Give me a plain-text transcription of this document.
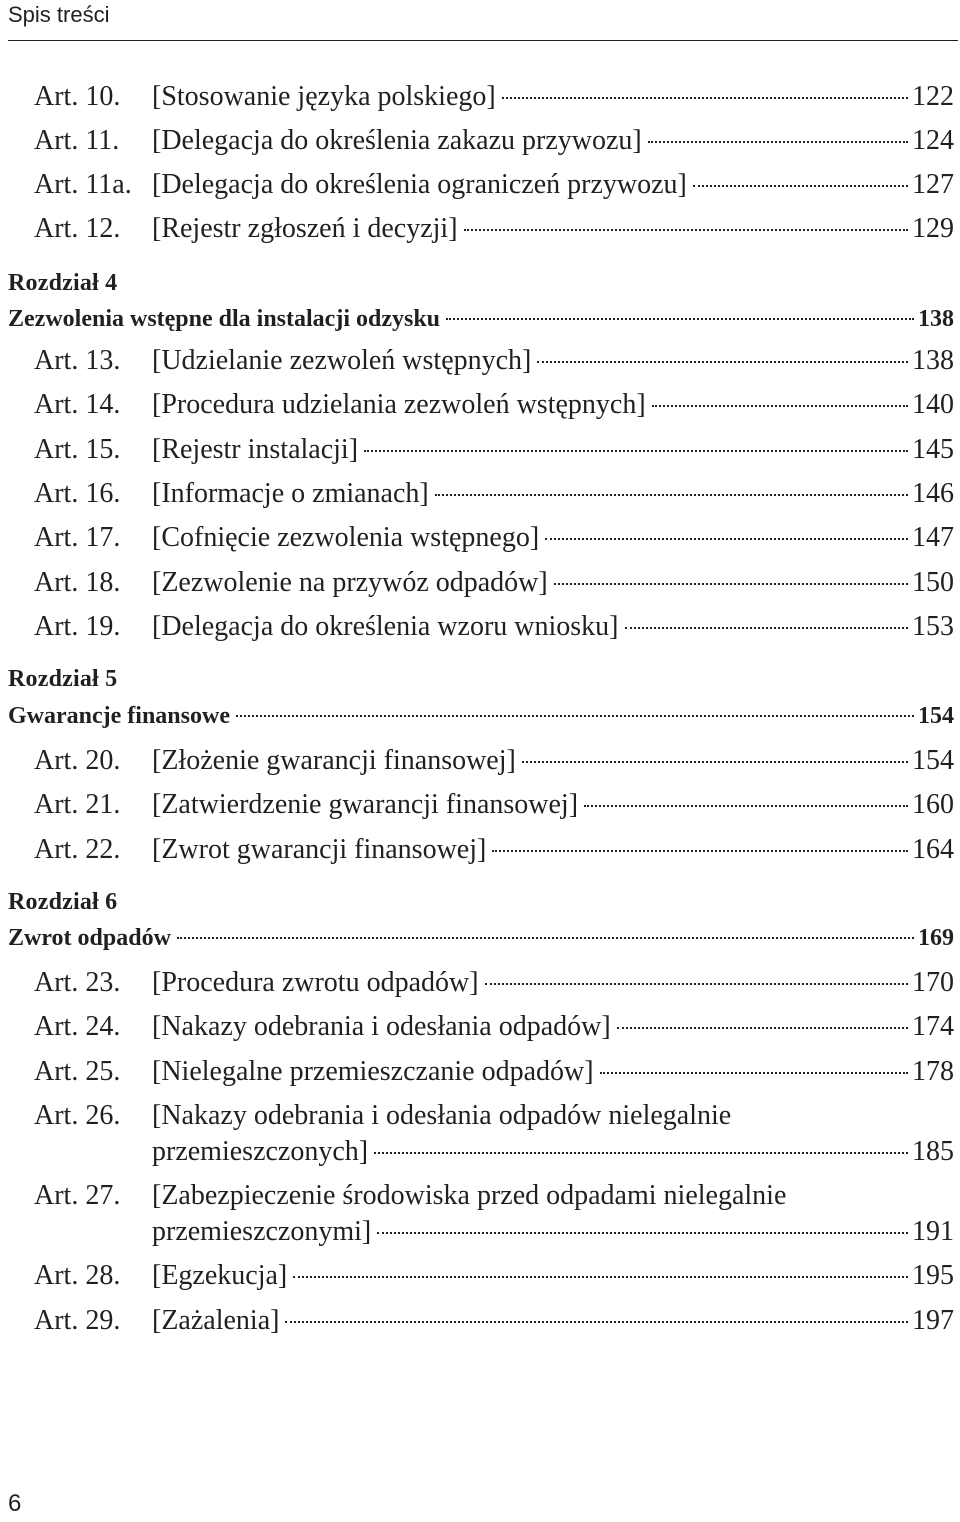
Spis treści
Art. 10. [Stosowanie języka polskiego]	122
Art. 11. [Delegacja do określenia zakazu przywozu]	124
Art. 11a. [Delegacja do określenia ograniczeń przywozu]	127
Art. 12. [Rejestr zgłoszeń i decyzji]	129
Rozdział 4
Zezwolenia wstępne dla instalacji odzysku	138
Art. 13. [Udzielanie zezwoleń wstępnych]	138
Art. 14. [Procedura udzielania zezwoleń wstępnych]	140
Art. 15. [Rejestr instalacji]	145
Art. 16. [Informacje o zmianach]	146
Art. 17. [Cofnięcie zezwolenia wstępnego]	147
Art. 18. [Zezwolenie na przywóz odpadów]	150
Art. 19. [Delegacja do określenia wzoru wniosku]	153
Rozdział 5
Gwarancje finansowe	154
Art. 20. [Złożenie gwarancji finansowej]	154
Art. 21. [Zatwierdzenie gwarancji finansowej]	160
Art. 22. [Zwrot gwarancji finansowej]	164
Rozdział 6
Zwrot odpadów	169
Art. 23. [Procedura zwrotu odpadów]	170
Art. 24. [Nakazy odebrania i odesłania odpadów]	174
Art. 25. [Nielegalne przemieszczanie odpadów]	178
Art. 26. [Nakazy odebrania i odesłania odpadów nielegalnie
przemieszczonych]	185
Art. 27. [Zabezpieczenie środowiska przed odpadami nielegalnie
przemieszczonymi]	191
Art. 28. [Egzekucja]	195
Art. 29. [Zażalenia]	197
6
